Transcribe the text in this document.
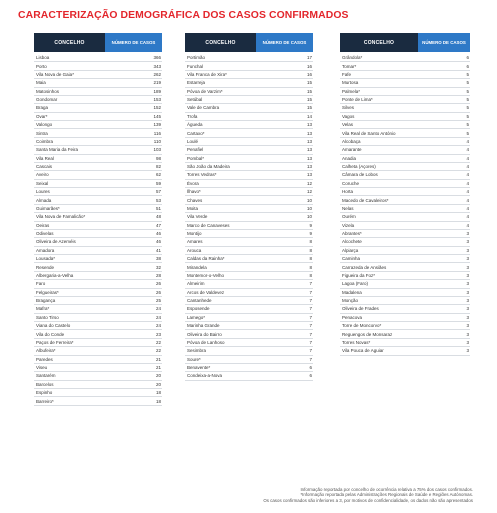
CARACTERIZAÇÃO DEMOGRÁFICA DOS CASOS CONFIRMADOS
CONCELHO	NÚMERO DE CASOS
Lisboa	366
Porto	343
Vila Nova de Gaia*	262
Maia	219
Matosinhos	189
Gondomar	153
Braga	152
Ovar*	145
Valongo	139
Sintra	116
Coimbra	110
Santa Maria da Feira	103
Vila Real	98
Cascais	82
Aveiro	62
Seixal	59
Loures	57
Almada	53
Guimarães*	51
Vila Nova de Famalicão*	48
Oeiras	47
Odivelas	46
Oliveira de Azeméis	46
Amadora	41
Lousada*	38
Resende	32
Albergaria-a-Velha	28
Faro	26
Felgueiras*	26
Bragança	25
Mafra*	24
Santo Tirso	24
Viana do Castelo	24
Vila do Conde	23
Paços de Ferreira*	22
Albufeira*	22
Paredes	21
Viseu	21
Santarém	20
Barcelos	20
Espinho	18
Barreiro*	18
CONCELHO	NÚMERO DE CASOS
Portimão	17
Funchal	16
Vila Franca de Xira*	16
Estarreja	15
Póvoa de Varzim*	15
Setúbal	15
Vale de Cambra	15
Trofa	14
Águeda	13
Cartaxo*	13
Loulé	13
Penafiel	13
Pombal*	13
São João da Madeira	13
Torres Vedras*	13
Évora	12
Ílhavo*	12
Chaves	10
Moita	10
Vila Verde	10
Marco de Canaveses	9
Montijo	9
Amares	8
Arouca	8
Caldas da Rainha*	8
Mirandela	8
Montemor-o-Velho	8
Almeirim	7
Arcos de Valdevez	7
Cantanhede	7
Esposende	7
Lamego*	7
Marinha Grande	7
Oliveira do Bairro	7
Póvoa de Lanhoso	7
Sesimbra	7
Soure*	7
Benavente*	6
Condeixa-a-Nova	6
CONCELHO	NÚMERO DE CASOS
Grândola*	6
Tomar*	6
Fafe	5
Murtosa	5
Palmela*	5
Ponte de Lima*	5
Silves	5
Vagos	5
Velas	5
Vila Real de Santo António	5
Alcobaça	4
Amarante	4
Anadia	4
Calheta (Açores)	4
Câmara de Lobos	4
Coruche	4
Horta	4
Macedo de Cavaleiros*	4
Nelas	4
Ourém	4
Vizela	4
Abrantes*	3
Alcochete	3
Alpiarça	3
Caminha	3
Carrazeda de Ansiães	3
Figueira da Foz*	3
Lagoa (Faro)	3
Madalena	3
Monção	3
Oliveira de Frades	3
Penacova	3
Torre de Moncorvo*	3
Reguengos de Monsaraz	3
Torres Novas*	3
Vila Pouca de Aguiar	3
Informação reportada por concelho de ocorrência relativa a 75% dos casos confirmados.
*Informação reportada pelas Administrações Regionais de Saúde e Regiões Autónomas.
Os casos confirmados são inferiores a 3, por motivos de confidencialidade, os dados não são apresentados
